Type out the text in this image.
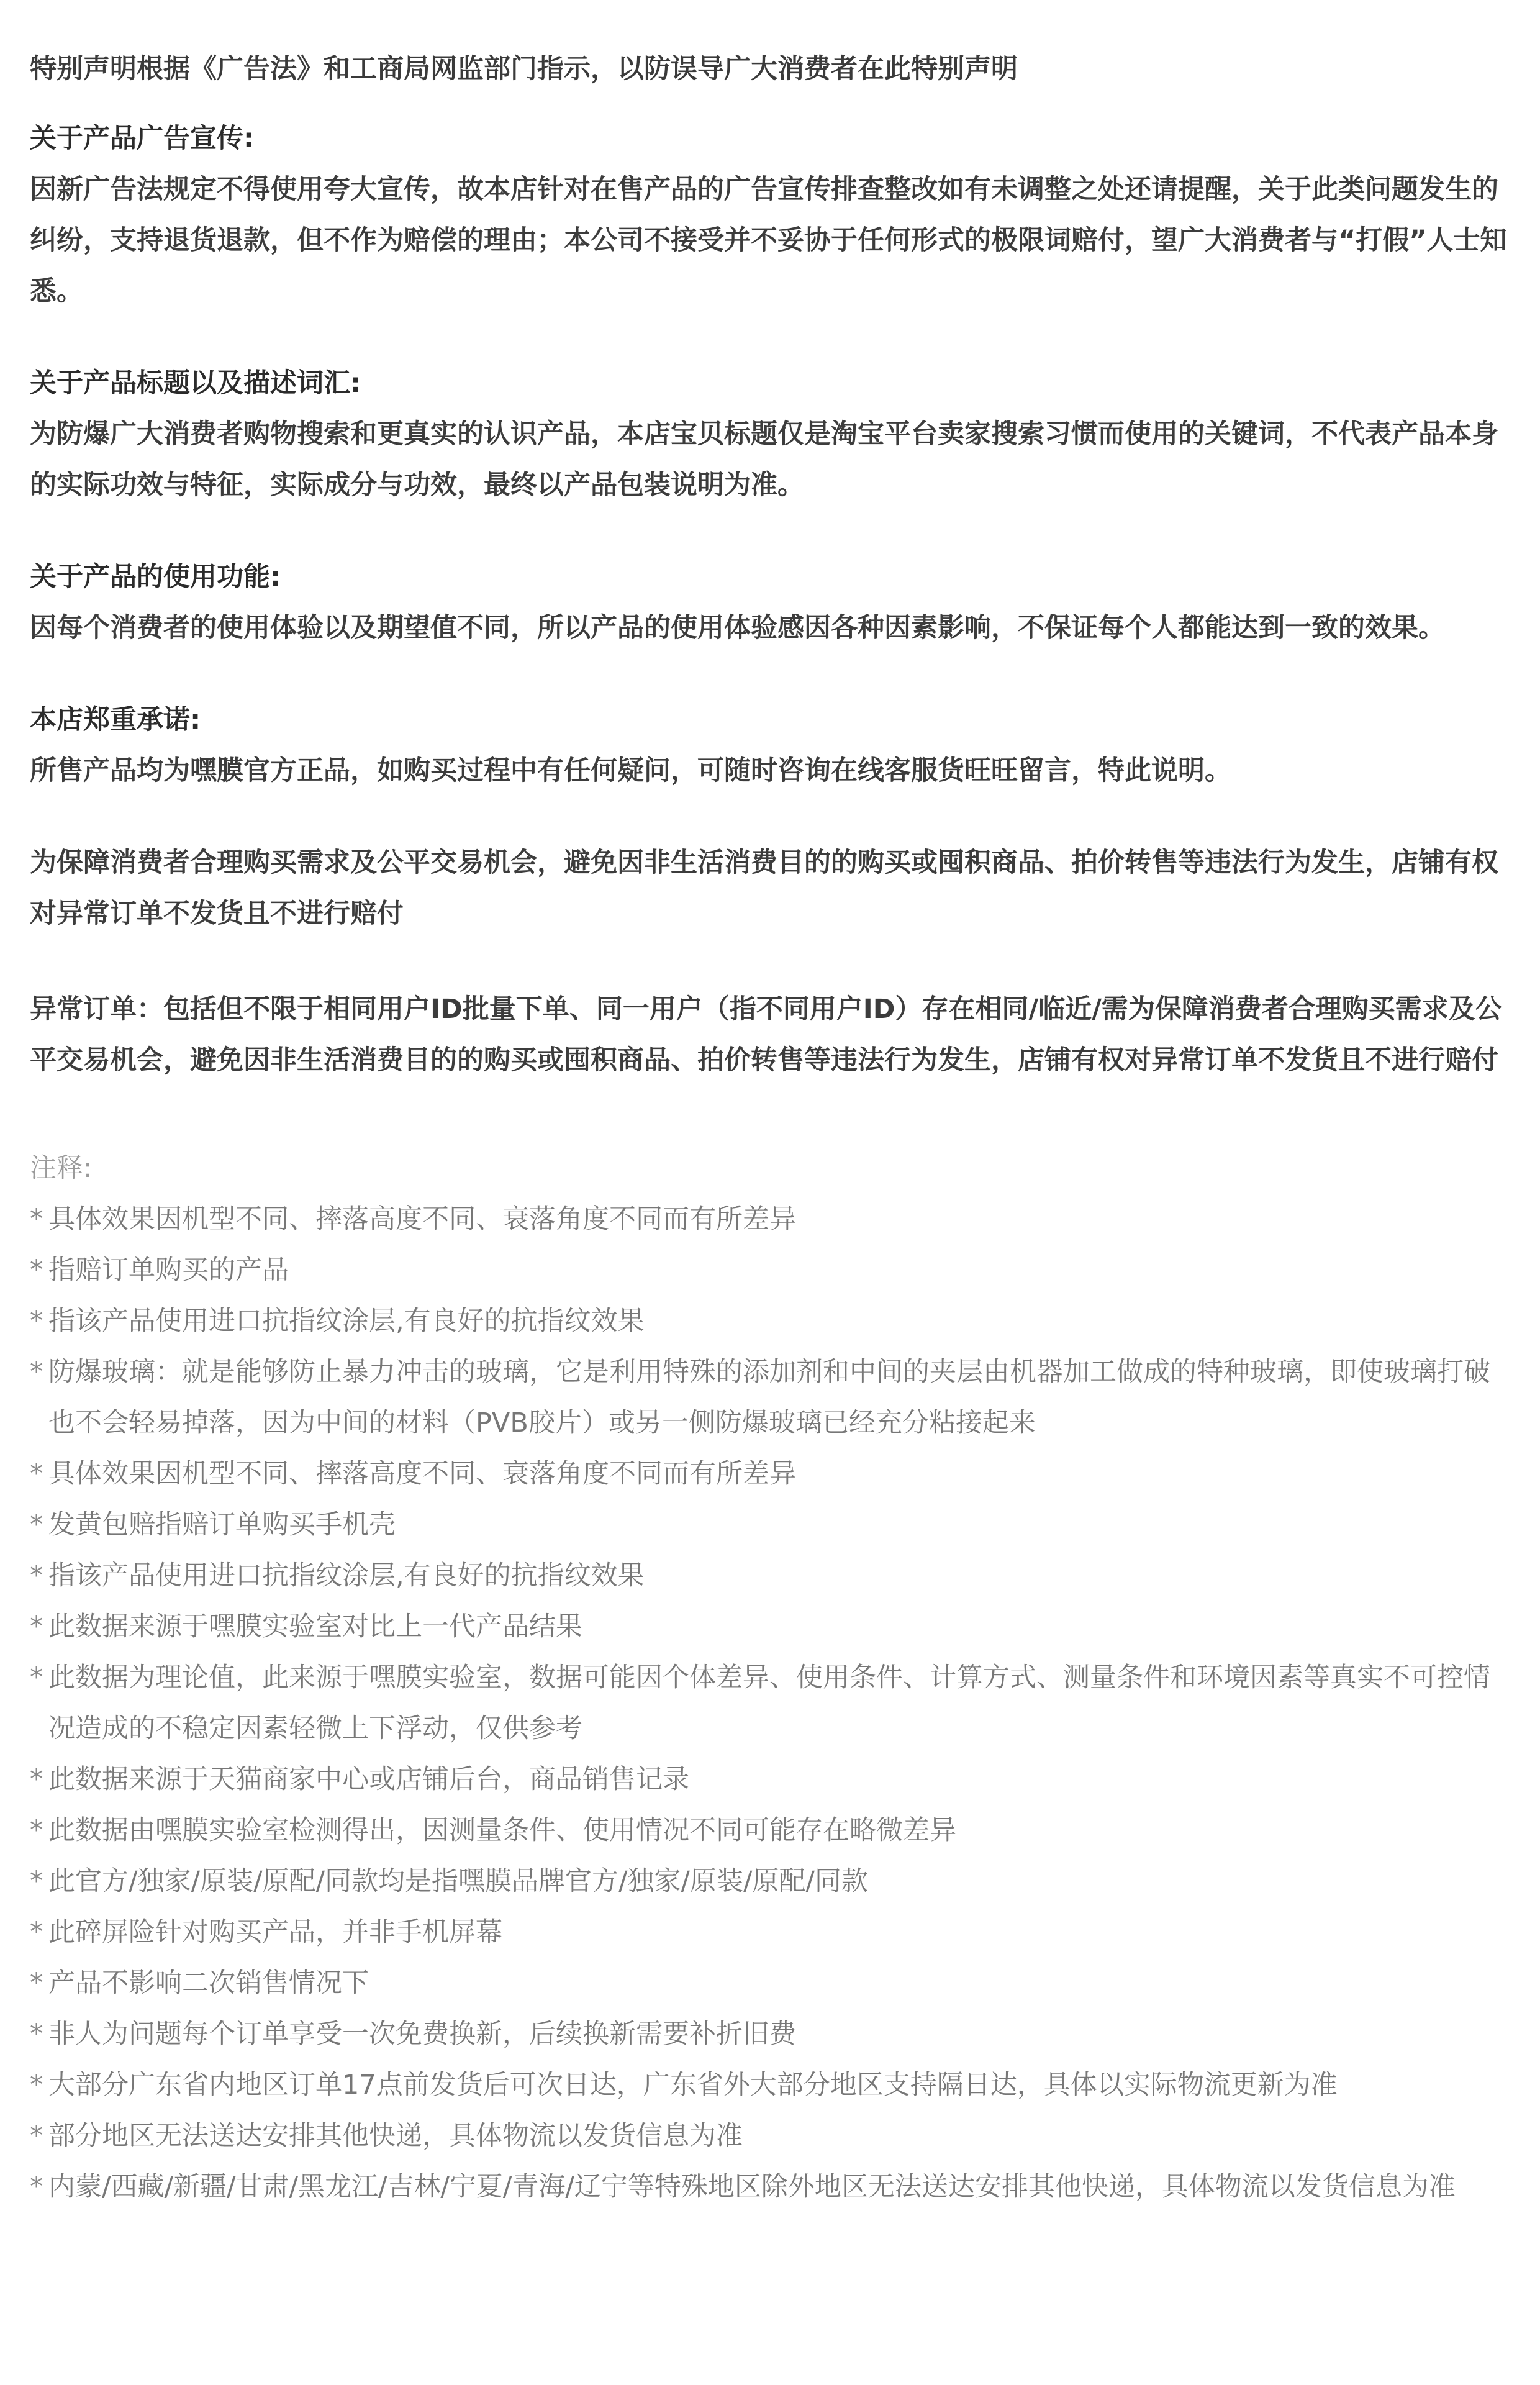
特别声明根据《广告法》和工商局网监部门指示，以防误导广大消费者在此特别声明

关于产品广告宣传:

因新广告法规定不得使用夸大宣传，故本店针对在售产品的广告宣传排查整改如有未调整之处还请提醒，关于此类问题发生的纠纷，支持退货退款，但不作为赔偿的理由；本公司不接受并不妥协于任何形式的极限词赔付，望广大消费者与“打假”人士知悉。

关于产品标题以及描述词汇:

为防爆广大消费者购物搜索和更真实的认识产品，本店宝贝标题仅是淘宝平台卖家搜索习惯而使用的关键词，不代表产品本身的实际功效与特征，实际成分与功效，最终以产品包装说明为准。

关于产品的使用功能:

因每个消费者的使用体验以及期望值不同，所以产品的使用体验感因各种因素影响，不保证每个人都能达到一致的效果。

本店郑重承诺:

所售产品均为嘿膜官方正品，如购买过程中有任何疑问，可随时咨询在线客服货旺旺留言，特此说明。

为保障消费者合理购买需求及公平交易机会，避免因非生活消费目的的购买或囤积商品、拍价转售等违法行为发生，店铺有权对异常订单不发货且不进行赔付

异常订单：包括但不限于相同用户ID批量下单、同一用户（指不同用户ID）存在相同/临近/需为保障消费者合理购买需求及公平交易机会，避免因非生活消费目的的购买或囤积商品、拍价转售等违法行为发生，店铺有权对异常订单不发货且不进行赔付

注释:

* 具体效果因机型不同、摔落高度不同、衰落角度不同而有所差异
* 指赔订单购买的产品
* 指该产品使用进口抗指纹涂层,有良好的抗指纹效果
* 防爆玻璃：就是能够防止暴力冲击的玻璃，它是利用特殊的添加剂和中间的夹层由机器加工做成的特种玻璃，即使玻璃打破也不会轻易掉落，因为中间的材料（PVB胶片）或另一侧防爆玻璃已经充分粘接起来
* 具体效果因机型不同、摔落高度不同、衰落角度不同而有所差异
* 发黄包赔指赔订单购买手机壳
* 指该产品使用进口抗指纹涂层,有良好的抗指纹效果
* 此数据来源于嘿膜实验室对比上一代产品结果
* 此数据为理论值，此来源于嘿膜实验室，数据可能因个体差异、使用条件、计算方式、测量条件和环境因素等真实不可控情况造成的不稳定因素轻微上下浮动，仅供参考
* 此数据来源于天猫商家中心或店铺后台，商品销售记录
* 此数据由嘿膜实验室检测得出，因测量条件、使用情况不同可能存在略微差异
* 此官方/独家/原装/原配/同款均是指嘿膜品牌官方/独家/原装/原配/同款
* 此碎屏险针对购买产品，并非手机屏幕
* 产品不影响二次销售情况下
* 非人为问题每个订单享受一次免费换新，后续换新需要补折旧费
* 大部分广东省内地区订单17点前发货后可次日达，广东省外大部分地区支持隔日达，具体以实际物流更新为准
* 部分地区无法送达安排其他快递，具体物流以发货信息为准
* 内蒙/西藏/新疆/甘肃/黑龙江/吉林/宁夏/青海/辽宁等特殊地区除外地区无法送达安排其他快递，具体物流以发货信息为准
